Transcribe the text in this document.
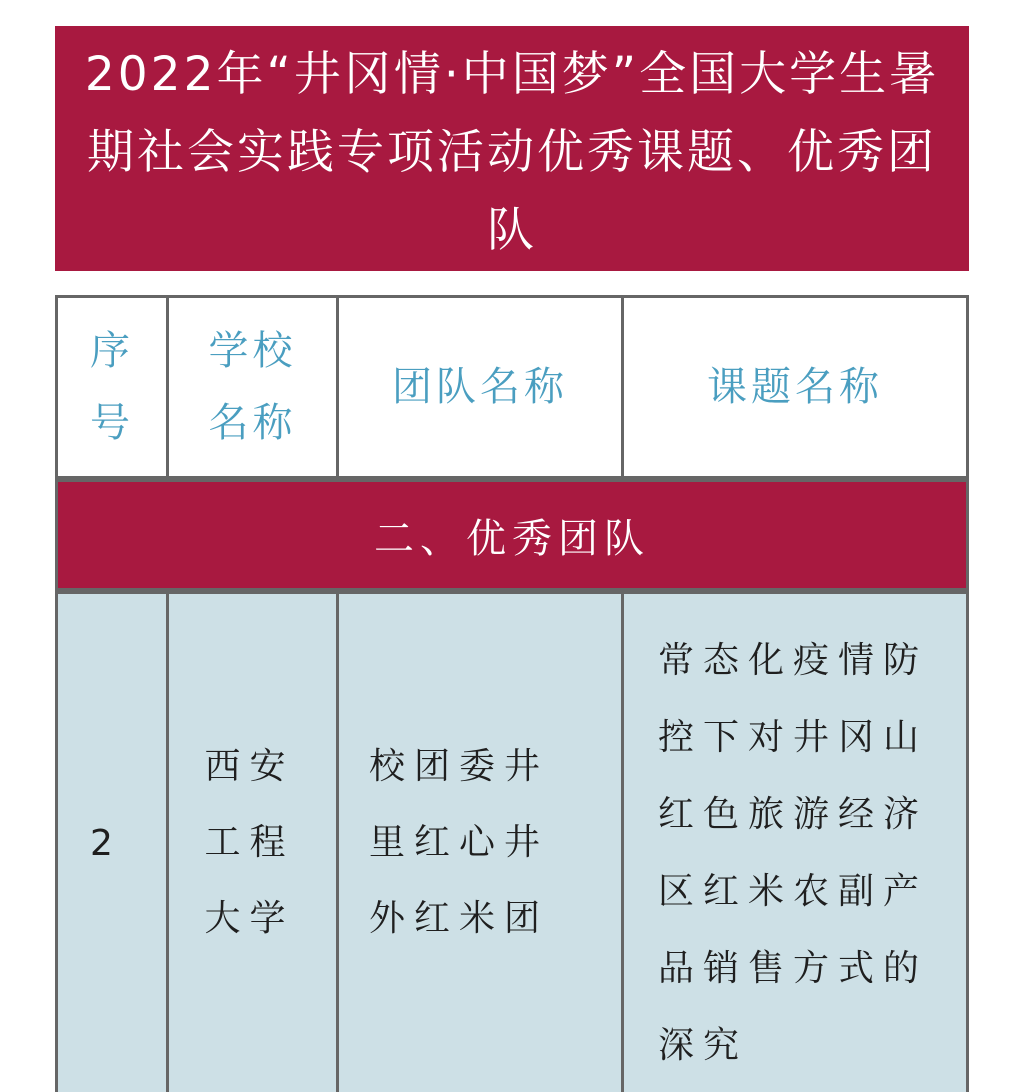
2022年“井冈情·中国梦”全国大学生暑期社会实践专项活动优秀课题、优秀团队
序号
学校名称
团队名称	课题名称
二、优秀团队
2
西安工程大学
校团委井里红心井外红米团
常态化疫情防控下对井冈山红色旅游经济区红米农副产品销售方式的深究
